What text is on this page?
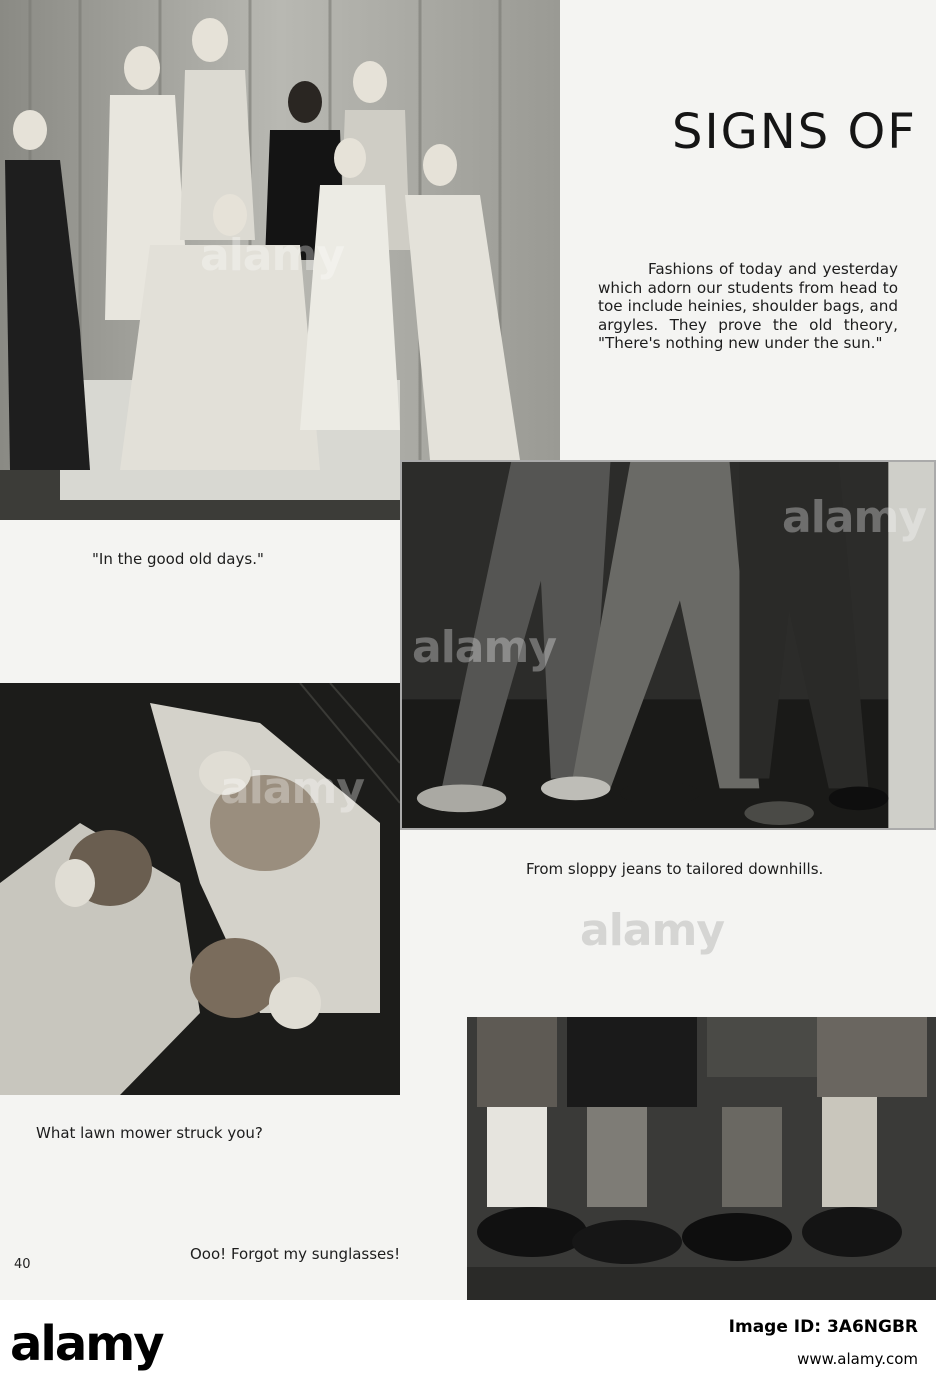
alamy
SIGNS OF
Fashions of today and yesterday which adorn our students from head to toe include heinies, shoulder bags, and argyles. They prove the old theory, "There's nothing new under the sun."
"In the good old days."
alamy
alamy
From sloppy jeans to tailored downhills.
alamy
What lawn mower struck you?
alamy
Ooo! Forgot my sunglasses!
40
alamy	Image ID: 3A6NGBR
www.alamy.com
